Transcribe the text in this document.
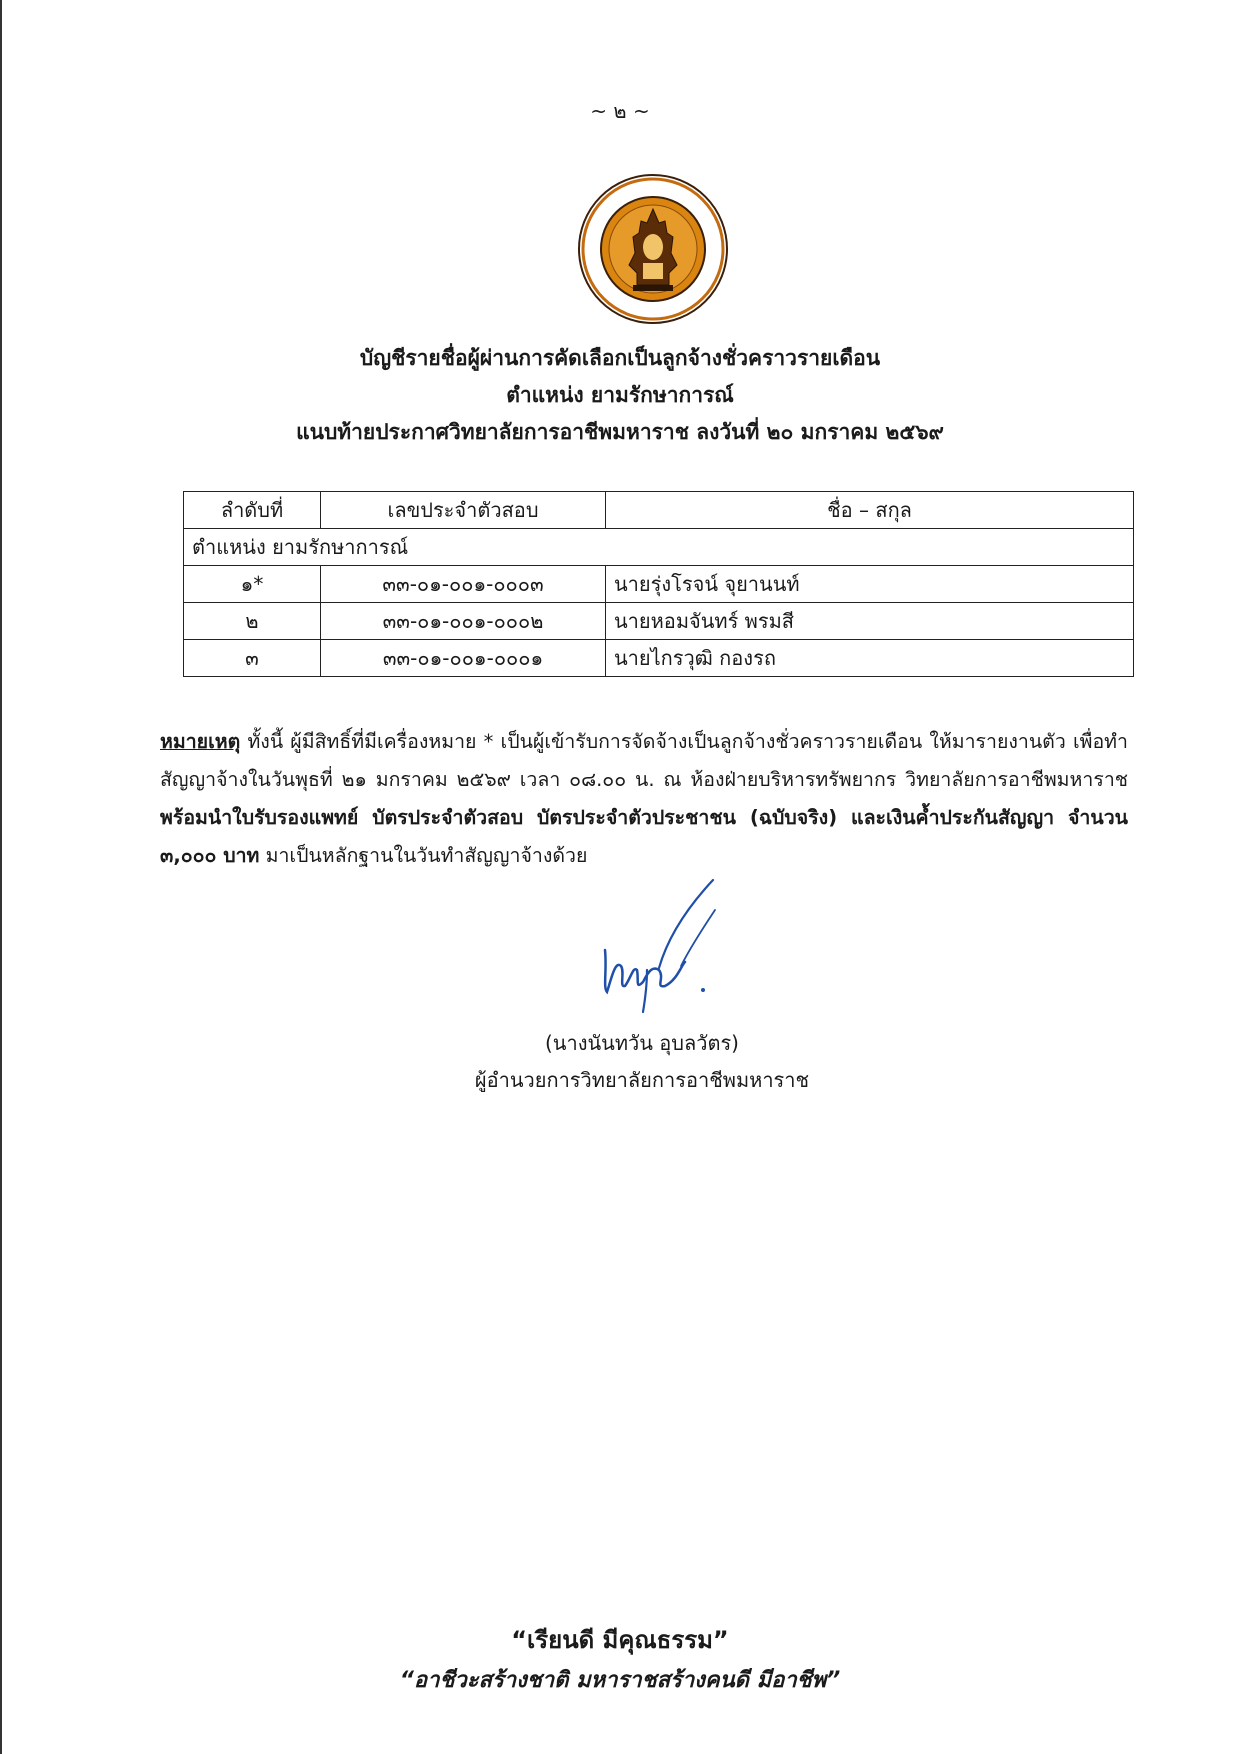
~ ๒ ~
บัญชีรายชื่อผู้ผ่านการคัดเลือกเป็นลูกจ้างชั่วคราวรายเดือน
ตำแหน่ง ยามรักษาการณ์
แนบท้ายประกาศวิทยาลัยการอาชีพมหาราช ลงวันที่ ๒๐ มกราคม ๒๕๖๙
ลำดับที่	เลขประจำตัวสอบ	ชื่อ – สกุล
ตำแหน่ง ยามรักษาการณ์		
๑*	๓๓-๐๑-๐๐๑-๐๐๐๓	นายรุ่งโรจน์ จุยานนท์
๒	๓๓-๐๑-๐๐๑-๐๐๐๒	นายหอมจันทร์ พรมสี
๓	๓๓-๐๑-๐๐๑-๐๐๐๑	นายไกรวุฒิ กองรถ
หมายเหตุ ทั้งนี้ ผู้มีสิทธิ์ที่มีเครื่องหมาย * เป็นผู้เข้ารับการจัดจ้างเป็นลูกจ้างชั่วคราวรายเดือน ให้มารายงานตัว เพื่อทำสัญญาจ้างในวันพุธที่ ๒๑ มกราคม ๒๕๖๙ เวลา ๐๘.๐๐ น. ณ ห้องฝ่ายบริหารทรัพยากร วิทยาลัยการอาชีพมหาราช พร้อมนำใบรับรองแพทย์ บัตรประจำตัวสอบ บัตรประจำตัวประชาชน (ฉบับจริง) และเงินค้ำประกันสัญญา จำนวน ๓,๐๐๐ บาท มาเป็นหลักฐานในวันทำสัญญาจ้างด้วย
(นางนันทวัน อุบลวัตร)
ผู้อำนวยการวิทยาลัยการอาชีพมหาราช
“เรียนดี มีคุณธรรม”
“อาชีวะสร้างชาติ มหาราชสร้างคนดี มีอาชีพ”
